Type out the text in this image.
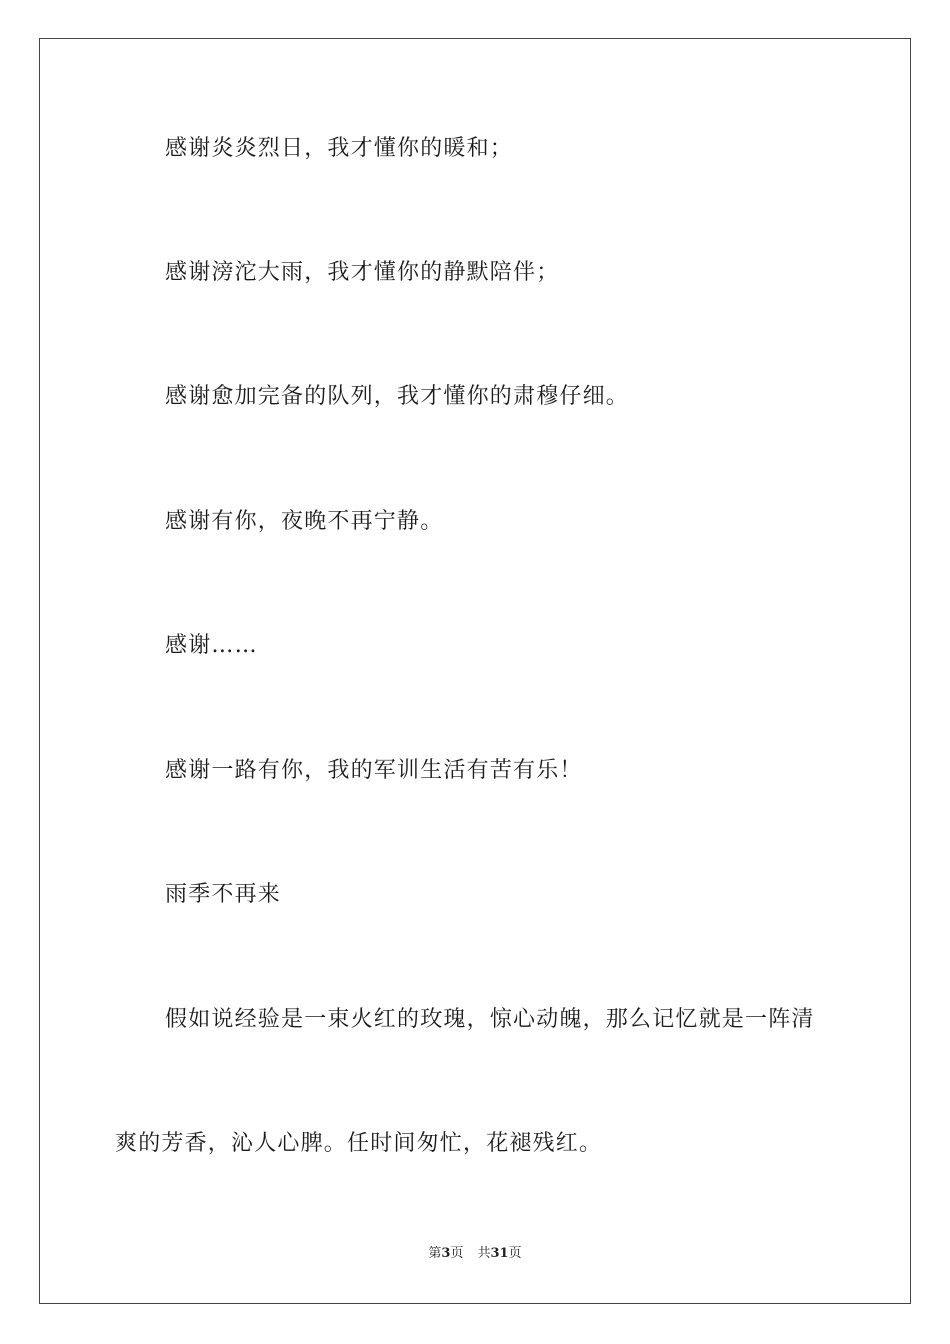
感谢炎炎烈日，我才懂你的暖和；

感谢滂沱大雨，我才懂你的静默陪伴；

感谢愈加完备的队列，我才懂你的肃穆仔细。

感谢有你，夜晚不再宁静。

感谢……

感谢一路有你，我的军训生活有苦有乐！

雨季不再来

假如说经验是一束火红的玫瑰，惊心动魄，那么记忆就是一阵清

爽的芳香，沁人心脾。任时间匆忙，花褪残红。

第3页 共31页
